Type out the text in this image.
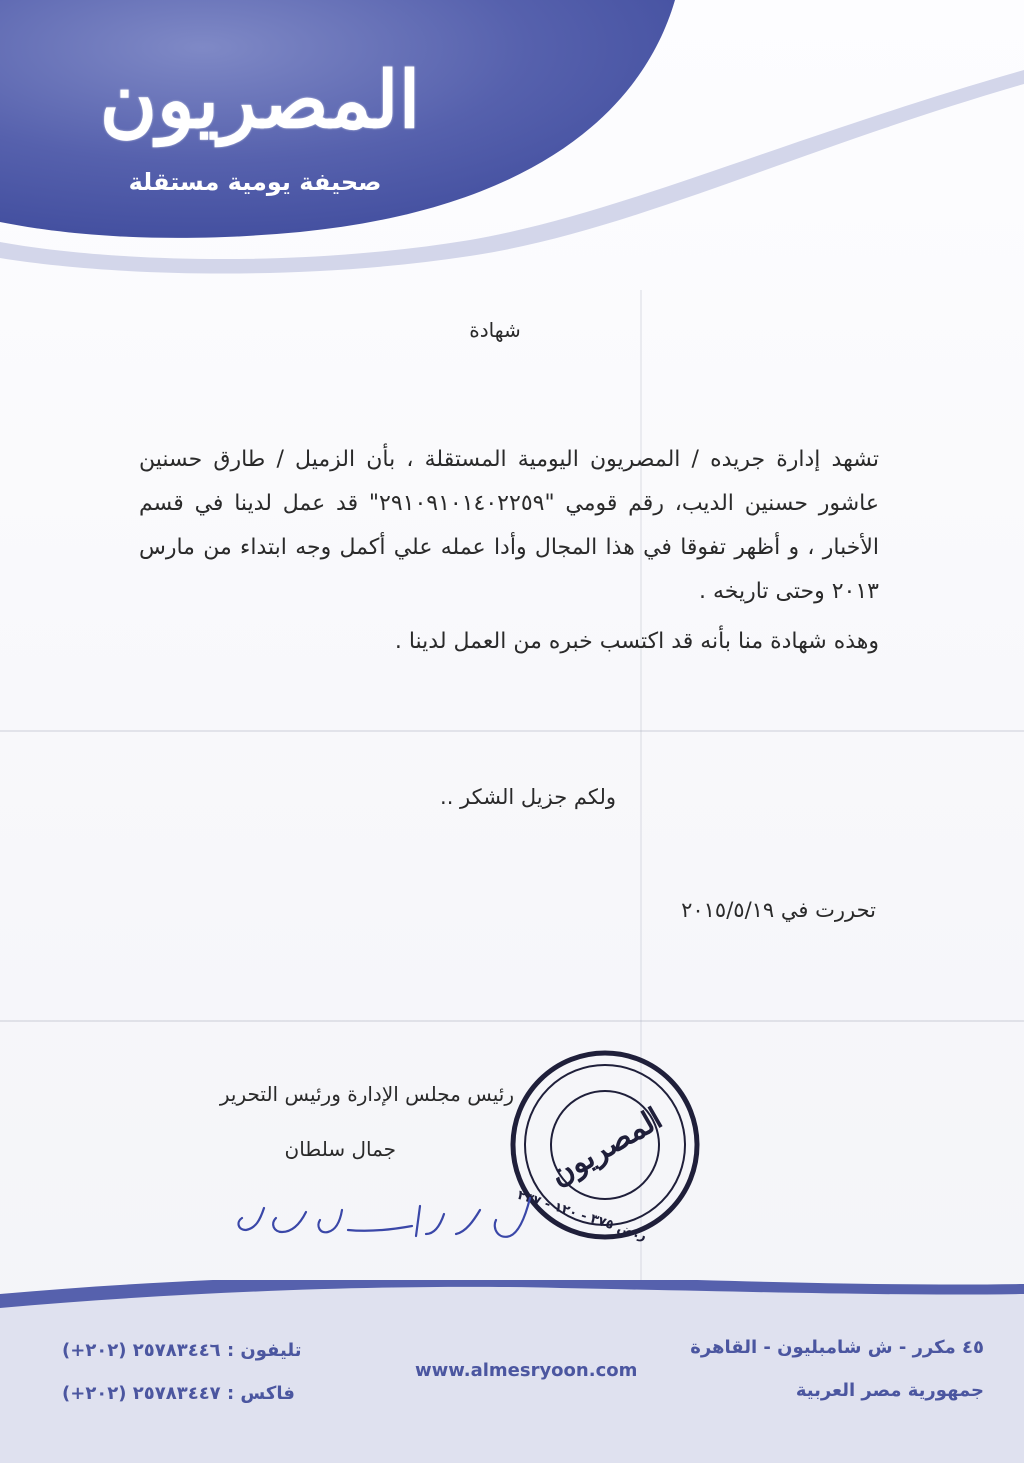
المصريون
صحيفة يومية مستقلة
شهادة

تشهد إدارة جريده / المصريون اليومية المستقلة ، بأن الزميل / طارق حسنين عاشور حسنين الديب، رقم قومي "٢٩١٠٩١٠١٤٠٢٢٥٩" قد عمل لدينا في قسم الأخبار ، و أظهر تفوقا في هذا المجال وأدا عمله علي أكمل وجه ابتداء من مارس ٢٠١٣ وحتى تاريخه .

وهذه شهادة منا بأنه قد اكتسب خبره من العمل لدينا .

ولكم جزيل الشكر ..
تحررت في ٢٠١٥/٥/١٩
رئيس مجلس الإدارة ورئيس التحرير
جمال سلطان	المصريون
ر.ض ٣٧٥ - ١٢٠ - ٢٣٧
٤٥ مكرر - ش شامبليون - القاهرة
جمهورية مصر العربية
www.almesryoon.com
تليفون : ٢٥٧٨٣٤٤٦ (٢٠٢+)
فاكس : ٢٥٧٨٣٤٤٧ (٢٠٢+)
